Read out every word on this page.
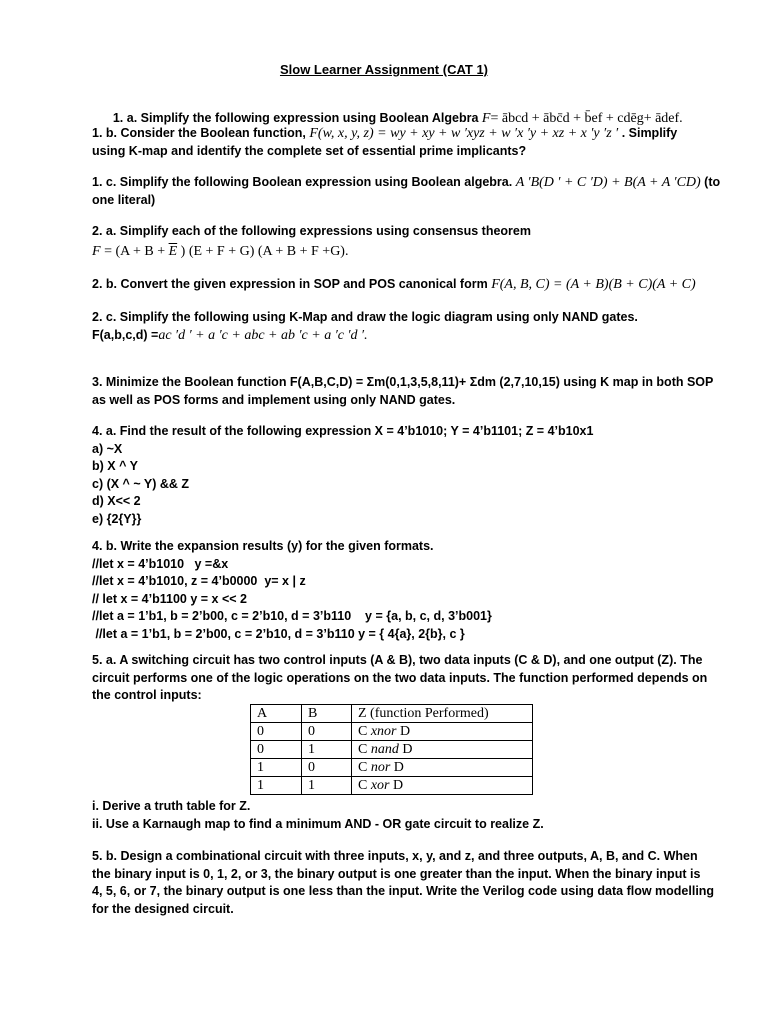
Slow Learner Assignment (CAT 1)

1. a. Simplify the following expression using Boolean Algebra F= ābcd + ābc̄d + b̄ef + cdēg+ ādef.

1. b. Consider the Boolean function, F(w, x, y, z) = wy + xy + w ′xyz + w ′x ′y + xz + x ′y ′z ′ . Simplify
using K-map and identify the complete set of essential prime implicants?
1. c. Simplify the following Boolean expression using Boolean algebra. A ′B(D ′ + C ′D) + B(A + A ′CD) (to
one literal)
2. a. Simplify each of the following expressions using consensus theorem
$F = (A + B + \overline{E}$ ) (E + F + G) (A + B + F +G).
2. b. Convert the given expression in SOP and POS canonical form F(A, B, C) = (A + B)(B + C)(A + C)
2. c. Simplify the following using K-Map and draw the logic diagram using only NAND gates.
F(a,b,c,d) =ac ′d ′ + a ′c + abc + ab ′c + a ′c ′d ′.
3. Minimize the Boolean function F(A,B,C,D) = Σm(0,1,3,5,8,11)+ Σdm (2,7,10,15) using K map in both SOP
as well as POS forms and implement using only NAND gates.
4. a. Find the result of the following expression X = 4’b1010; Y = 4’b1101; Z = 4’b10x1
a) ~X
b) X ^ Y
c) (X ^ ~ Y) && Z
d) X<< 2
e) {2{Y}}
4. b. Write the expansion results (y) for the given formats.
//let x = 4’b1010   y =&x
//let x = 4’b1010, z = 4’b0000  y= x | z
// let x = 4’b1100 y = x << 2
//let a = 1’b1, b = 2’b00, c = 2’b10, d = 3’b110    y = {a, b, c, d, 3’b001}
//let a = 1’b1, b = 2’b00, c = 2’b10, d = 3’b110 y = { 4{a}, 2{b}, c }
5. a. A switching circuit has two control inputs (A & B), two data inputs (C & D), and one output (Z). The
circuit performs one of the logic operations on the two data inputs. The function performed depends on
the control inputs:
A	B	Z (function Performed)
0	0	C xnor D
0	1	C nand D
1	0	C nor D
1	1	C xor D
i. Derive a truth table for Z.
ii. Use a Karnaugh map to find a minimum AND - OR gate circuit to realize Z.
5. b. Design a combinational circuit with three inputs, x, y, and z, and three outputs, A, B, and C. When
the binary input is 0, 1, 2, or 3, the binary output is one greater than the input. When the binary input is
4, 5, 6, or 7, the binary output is one less than the input. Write the Verilog code using data flow modelling
for the designed circuit.
